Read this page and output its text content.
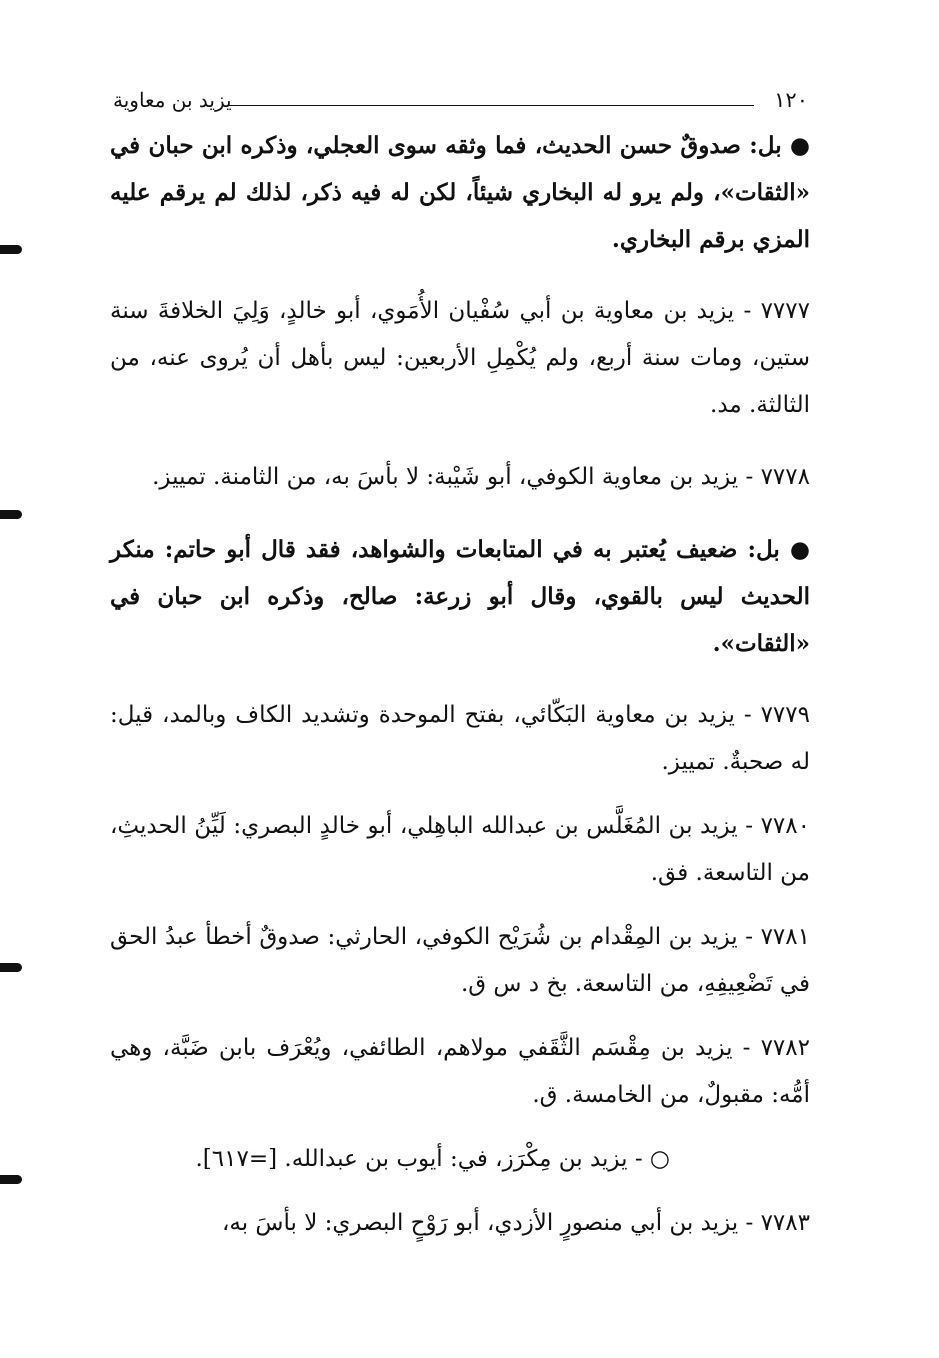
١٢٠
يزيد بن معاوية

● بل: صدوقٌ حسن الحديث، فما وثقه سوى العجلي، وذكره ابن حبان في «الثقات»، ولم يرو له البخاري شيئاً، لكن له فيه ذكر، لذلك لم يرقم عليه المزي برقم البخاري.

٧٧٧٧ - يزيد بن معاوية بن أبي سُفْيان الأُمَوي، أبو خالدٍ، وَلِيَ الخلافةَ سنة ستين، ومات سنة أربع، ولم يُكْمِلِ الأربعين: ليس بأهل أن يُروى عنه، من الثالثة. مد.

٧٧٧٨ - يزيد بن معاوية الكوفي، أبو شَيْبة: لا بأسَ به، من الثامنة. تمييز.

● بل: ضعيف يُعتبر به في المتابعات والشواهد، فقد قال أبو حاتم: منكر الحديث ليس بالقوي، وقال أبو زرعة: صالح، وذكره ابن حبان في «الثقات».

٧٧٧٩ - يزيد بن معاوية البَكّائي، بفتح الموحدة وتشديد الكاف وبالمد، قيل: له صحبةٌ. تمييز.

٧٧٨٠ - يزيد بن المُغَلَّس بن عبدالله الباهِلي، أبو خالدٍ البصري: لَيِّنُ الحديثِ، من التاسعة. فق.

٧٧٨١ - يزيد بن المِقْدام بن شُرَيْح الكوفي، الحارثي: صدوقٌ أخطأ عبدُ الحق في تَضْعِيفِهِ، من التاسعة. بخ د س ق.

٧٧٨٢ - يزيد بن مِقْسَم الثَّقَفي مولاهم، الطائفي، ويُعْرَف بابن ضَبَّة، وهي أمُّه: مقبولٌ، من الخامسة. ق.

○ - يزيد بن مِكْرَز، في: أيوب بن عبدالله. [=٦١٧].

٧٧٨٣ - يزيد بن أبي منصورٍ الأزدي، أبو رَوْحٍ البصري: لا بأسَ به،
